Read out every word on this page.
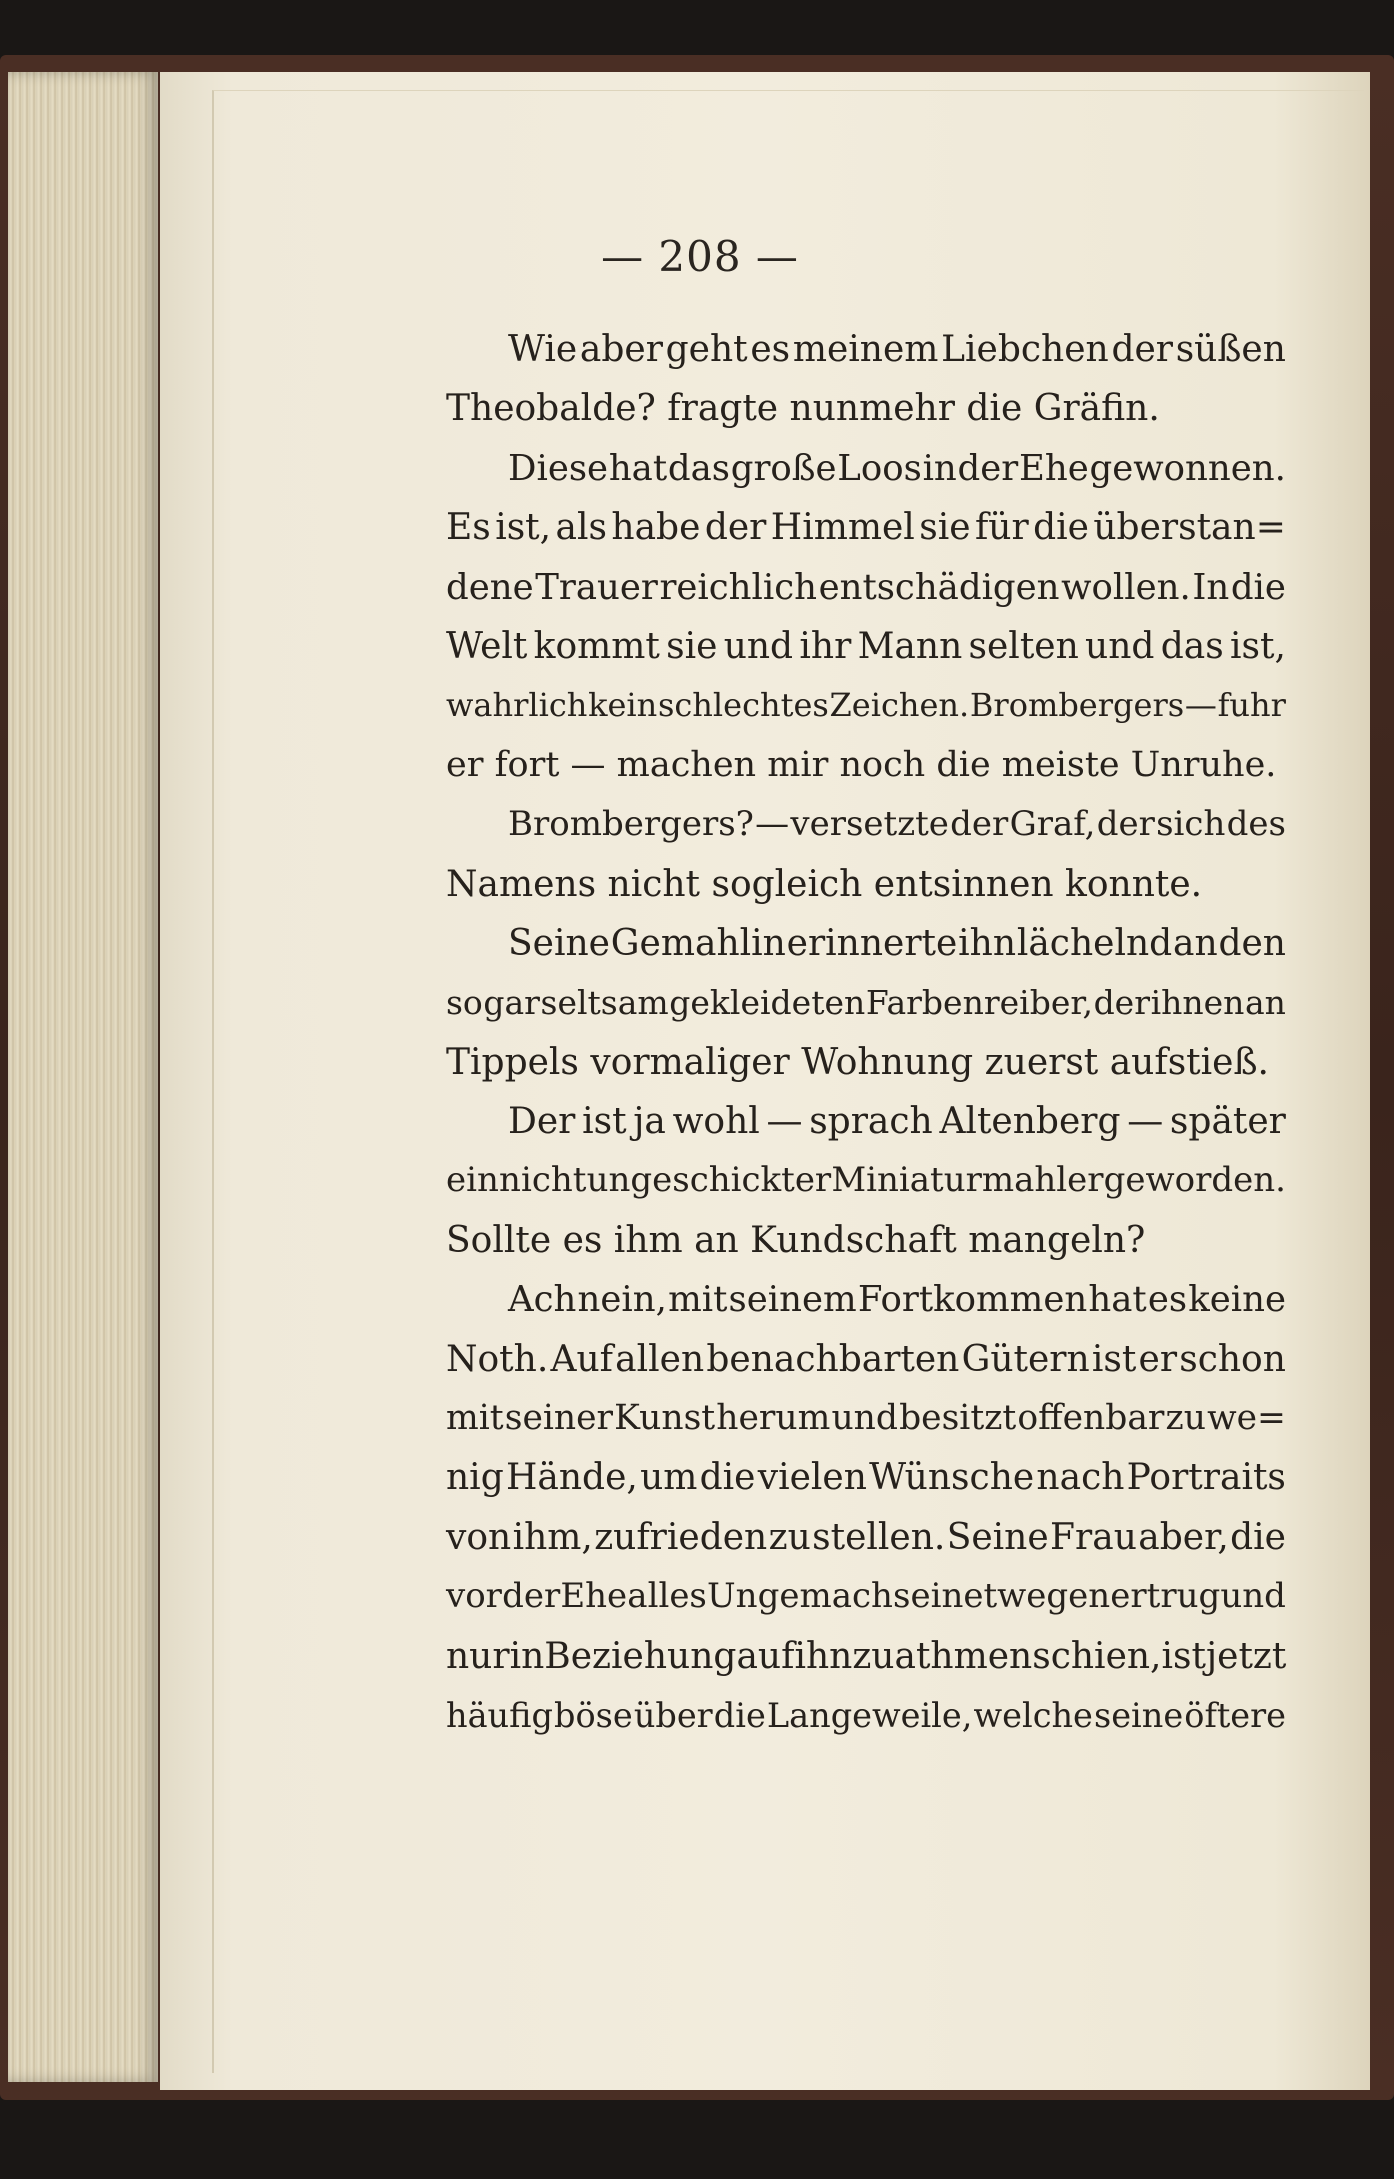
— 208 —
Wie aber geht es meinem Liebchen der süßen
Theobalde? fragte nunmehr die Gräfin.
Diese hat das große Loos in der Ehe gewonnen.
Es ist, als habe der Himmel sie für die überstan=
dene Trauer reichlich entschädigen wollen. In die
Welt kommt sie und ihr Mann selten und das ist,
wahrlich kein schlechtes Zeichen. Brombergers — fuhr
er fort — machen mir noch die meiste Unruhe.
Brombergers? — versetzte der Graf, der sich des
Namens nicht sogleich entsinnen konnte.
Seine Gemahlin erinnerte ihn lächelnd an den
so gar seltsam gekleideten Farbenreiber, der ihnen an
Tippels vormaliger Wohnung zuerst aufstieß.
Der ist ja wohl — sprach Altenberg — später
ein nicht ungeschickter Miniaturmahler geworden.
Sollte es ihm an Kundschaft mangeln?
Ach nein, mit seinem Fortkommen hat es keine
Noth. Auf allen benachbarten Gütern ist er schon
mit seiner Kunst herum und besitzt offenbar zu we=
nig Hände, um die vielen Wünsche nach Portraits
von ihm, zufrieden zu stellen. Seine Frau aber, die
vor der Ehe alles Ungemach seinetwegen ertrug und
nur in Beziehung auf ihn zu athmen schien, ist jetzt
häufig böse über die Langeweile, welche seine öftere
